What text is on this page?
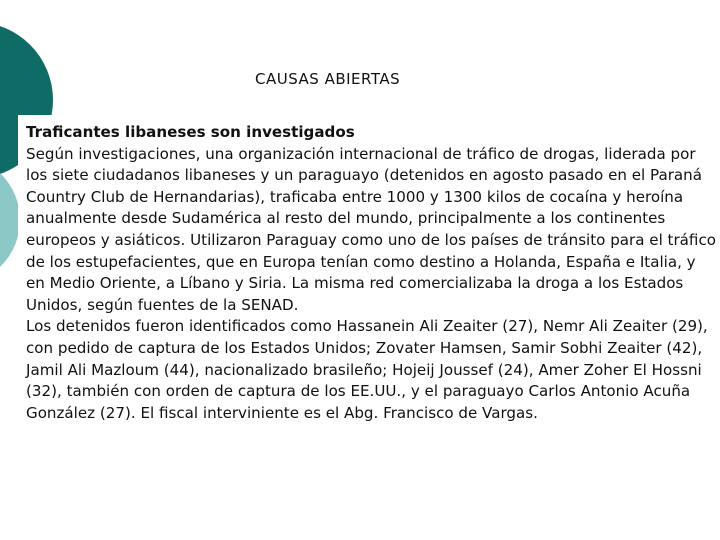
CAUSAS ABIERTAS
Traficantes libaneses son investigados

Según investigaciones, una organización internacional de tráfico de drogas, liderada por los siete ciudadanos libaneses y un paraguayo (detenidos en agosto pasado en el Paraná Country Club de Hernandarias), traficaba entre 1000 y 1300 kilos de cocaína y heroína anualmente desde Sudamérica al resto del mundo, principalmente a los continentes europeos y asiáticos. Utilizaron Paraguay como uno de los países de tránsito para el tráfico de los estupefacientes, que en Europa tenían como destino a Holanda, España e Italia, y en Medio Oriente, a Líbano y Siria. La misma red comercializaba la droga a los Estados Unidos, según fuentes de la SENAD.

Los detenidos fueron identificados como Hassanein Ali Zeaiter (27), Nemr Ali Zeaiter (29), con pedido de captura de los Estados Unidos; Zovater Hamsen, Samir Sobhi Zeaiter (42), Jamil Ali Mazloum (44), nacionalizado brasileño; Hojeij Joussef (24), Amer Zoher El Hossni (32), también con orden de captura de los EE.UU., y el paraguayo Carlos Antonio Acuña González (27). El fiscal interviniente es el Abg. Francisco de Vargas.
